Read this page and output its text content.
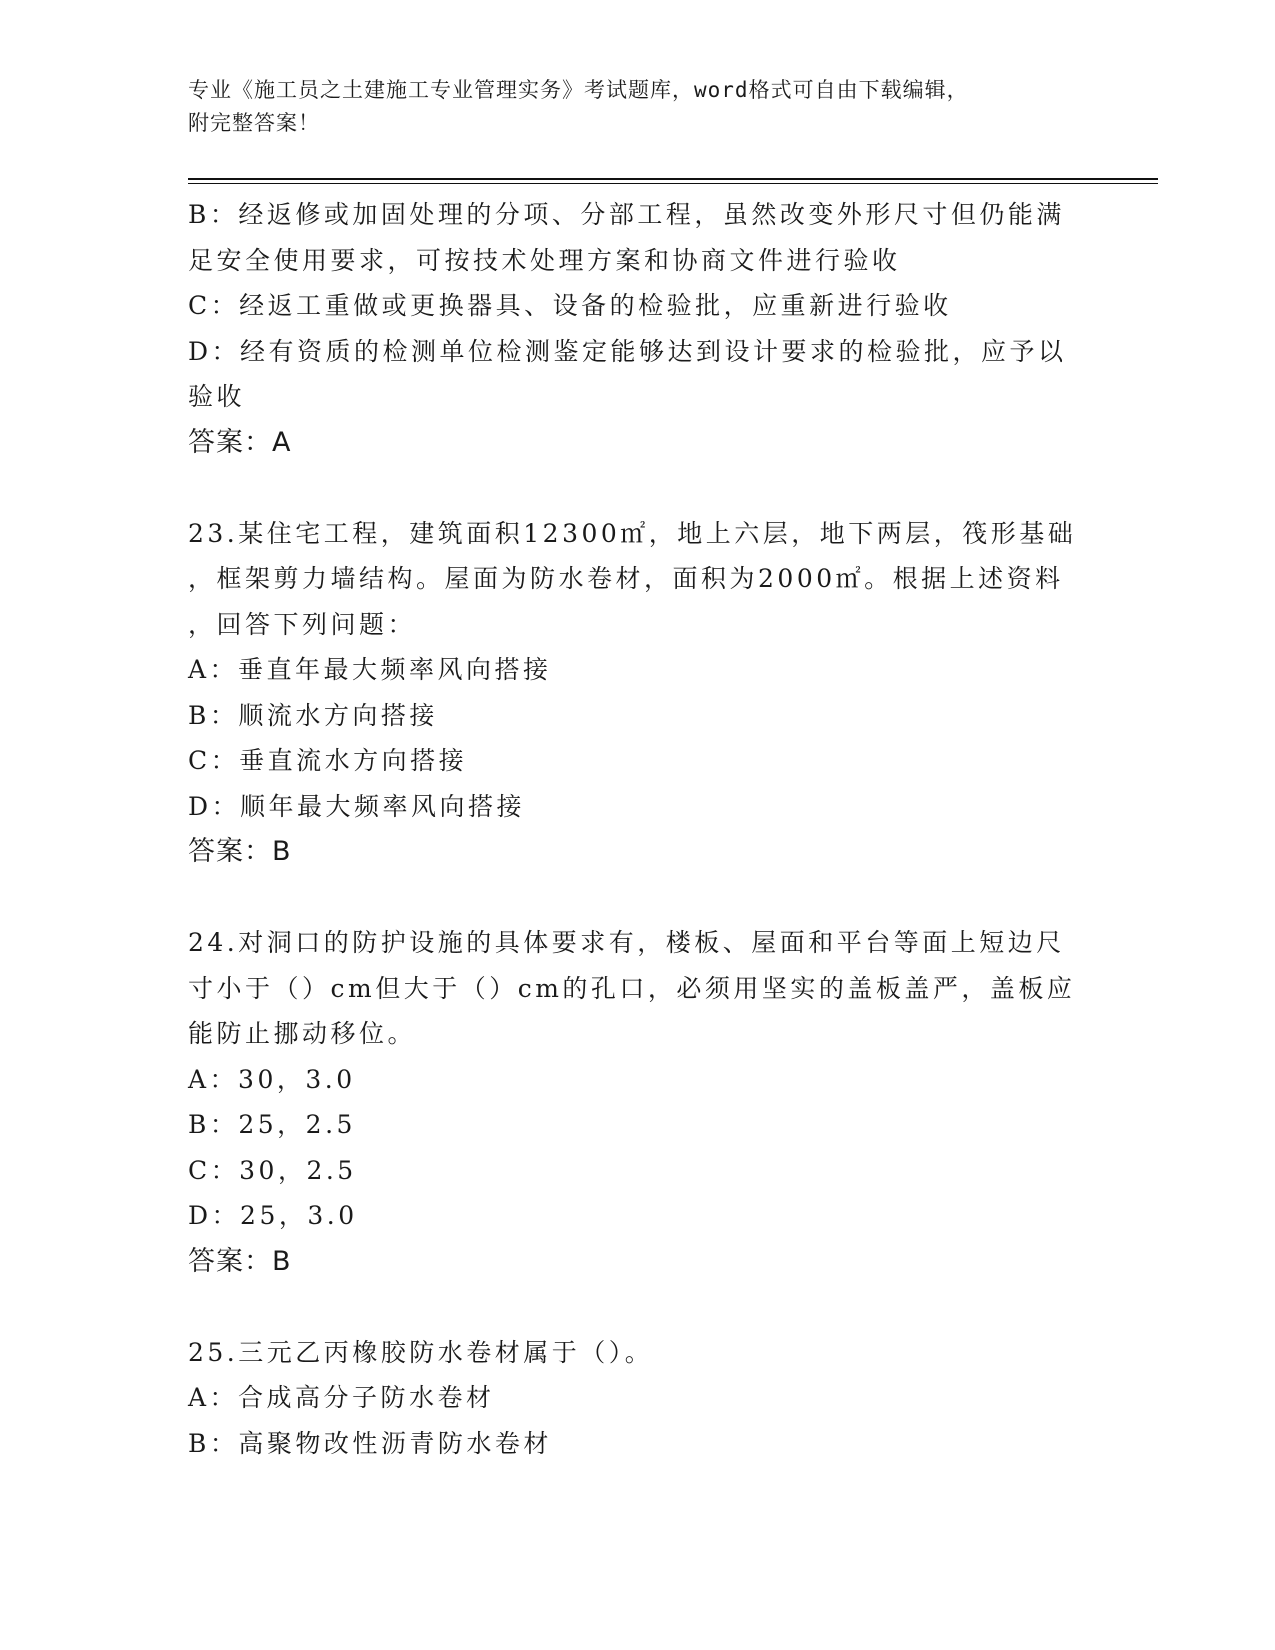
专业《施工员之土建施工专业管理实务》考试题库，word格式可自由下载编辑，
附完整答案！
B：经返修或加固处理的分项、分部工程，虽然改变外形尺寸但仍能满
足安全使用要求，可按技术处理方案和协商文件进行验收
C：经返工重做或更换器具、设备的检验批，应重新进行验收
D：经有资质的检测单位检测鉴定能够达到设计要求的检验批，应予以
验收
答案：A
23.某住宅工程，建筑面积12300㎡，地上六层，地下两层，筏形基础
，框架剪力墙结构。屋面为防水卷材，面积为2000㎡。根据上述资料
，回答下列问题：
A：垂直年最大频率风向搭接
B：顺流水方向搭接
C：垂直流水方向搭接
D：顺年最大频率风向搭接
答案：B
24.对洞口的防护设施的具体要求有，楼板、屋面和平台等面上短边尺
寸小于（）cm但大于（）cm的孔口，必须用坚实的盖板盖严，盖板应
能防止挪动移位。
A：30，3.0
B：25，2.5
C：30，2.5
D：25，3.0
答案：B
25.三元乙丙橡胶防水卷材属于（）。
A：合成高分子防水卷材
B：高聚物改性沥青防水卷材
